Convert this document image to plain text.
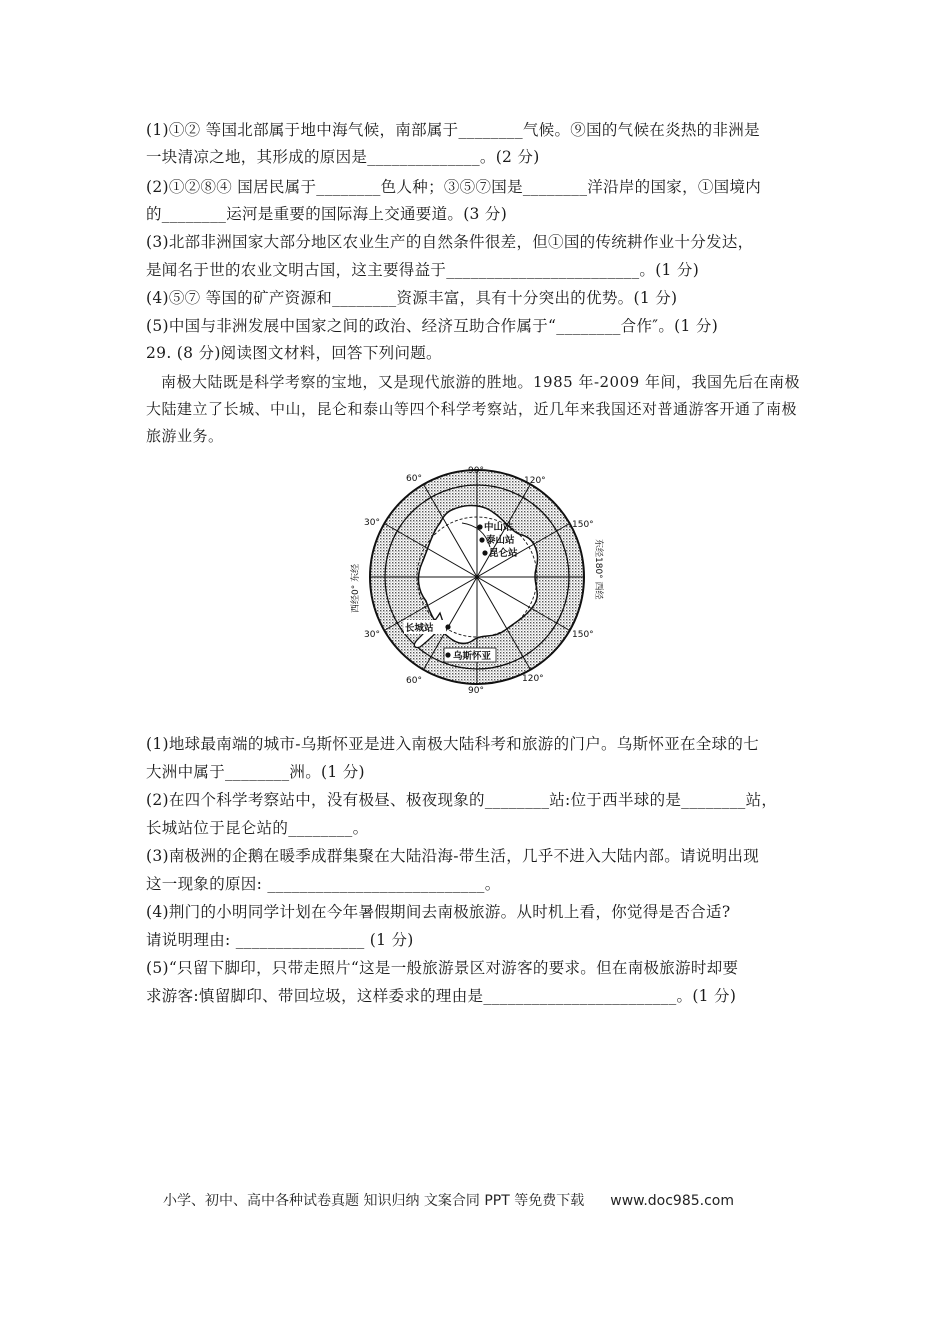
(1)①② 等国北部属于地中海气候，南部属于________气候。⑨国的气候在炎热的非洲是
一块清凉之地，其形成的原因是______________。(2 分)
(2)①②⑧④ 国居民属于________色人种；③⑤⑦国是________洋沿岸的国家，①国境内
的________运河是重要的国际海上交通要道。(3 分)
(3)北部非洲国家大部分地区农业生产的自然条件很差，但①国的传统耕作业十分发达，
是闻名于世的农业文明古国，这主要得益于________________________。(1 分)
(4)⑤⑦ 等国的矿产资源和________资源丰富，具有十分突出的优势。(1 分)
(5)中国与非洲发展中国家之间的政治、经济互助合作属于“________合作″。(1 分)
29. (8 分)阅读图文材料，回答下列问题。
南极大陆既是科学考察的宝地，又是现代旅游的胜地。1985 年-2009 年间，我国先后在南极大陆建立了长城、中山，昆仑和泰山等四个科学考察站，近几年来我国还对普通游客开通了南极旅游业务。
90°
120°
150°
150°
120°
90°
60°
30°
30°
60°
西经0° 东经	东经180° 西经
中山站
泰山站
昆仑站
长城站
乌斯怀亚
(1)地球最南端的城市-乌斯怀亚是进入南极大陆科考和旅游的门户。乌斯怀亚在全球的七
大洲中属于________洲。(1 分)
(2)在四个科学考察站中，没有极昼、极夜现象的________站:位于西半球的是________站，
长城站位于昆仑站的________。
(3)南极洲的企鹅在暖季成群集聚在大陆沿海-带生活，几乎不进入大陆内部。请说明出现
这一现象的原因: ___________________________。
(4)荆门的小明同学计划在今年暑假期间去南极旅游。从时机上看，你觉得是否合适?
请说明理由: ________________ (1 分)
(5)“只留下脚印，只带走照片“这是一般旅游景区对游客的要求。但在南极旅游时却要
求游客:慎留脚印、带回垃圾，这样委求的理由是________________________。(1 分)
小学、初中、高中各种试卷真题 知识归纳 文案合同 PPT 等免费下载 www.doc985.com
